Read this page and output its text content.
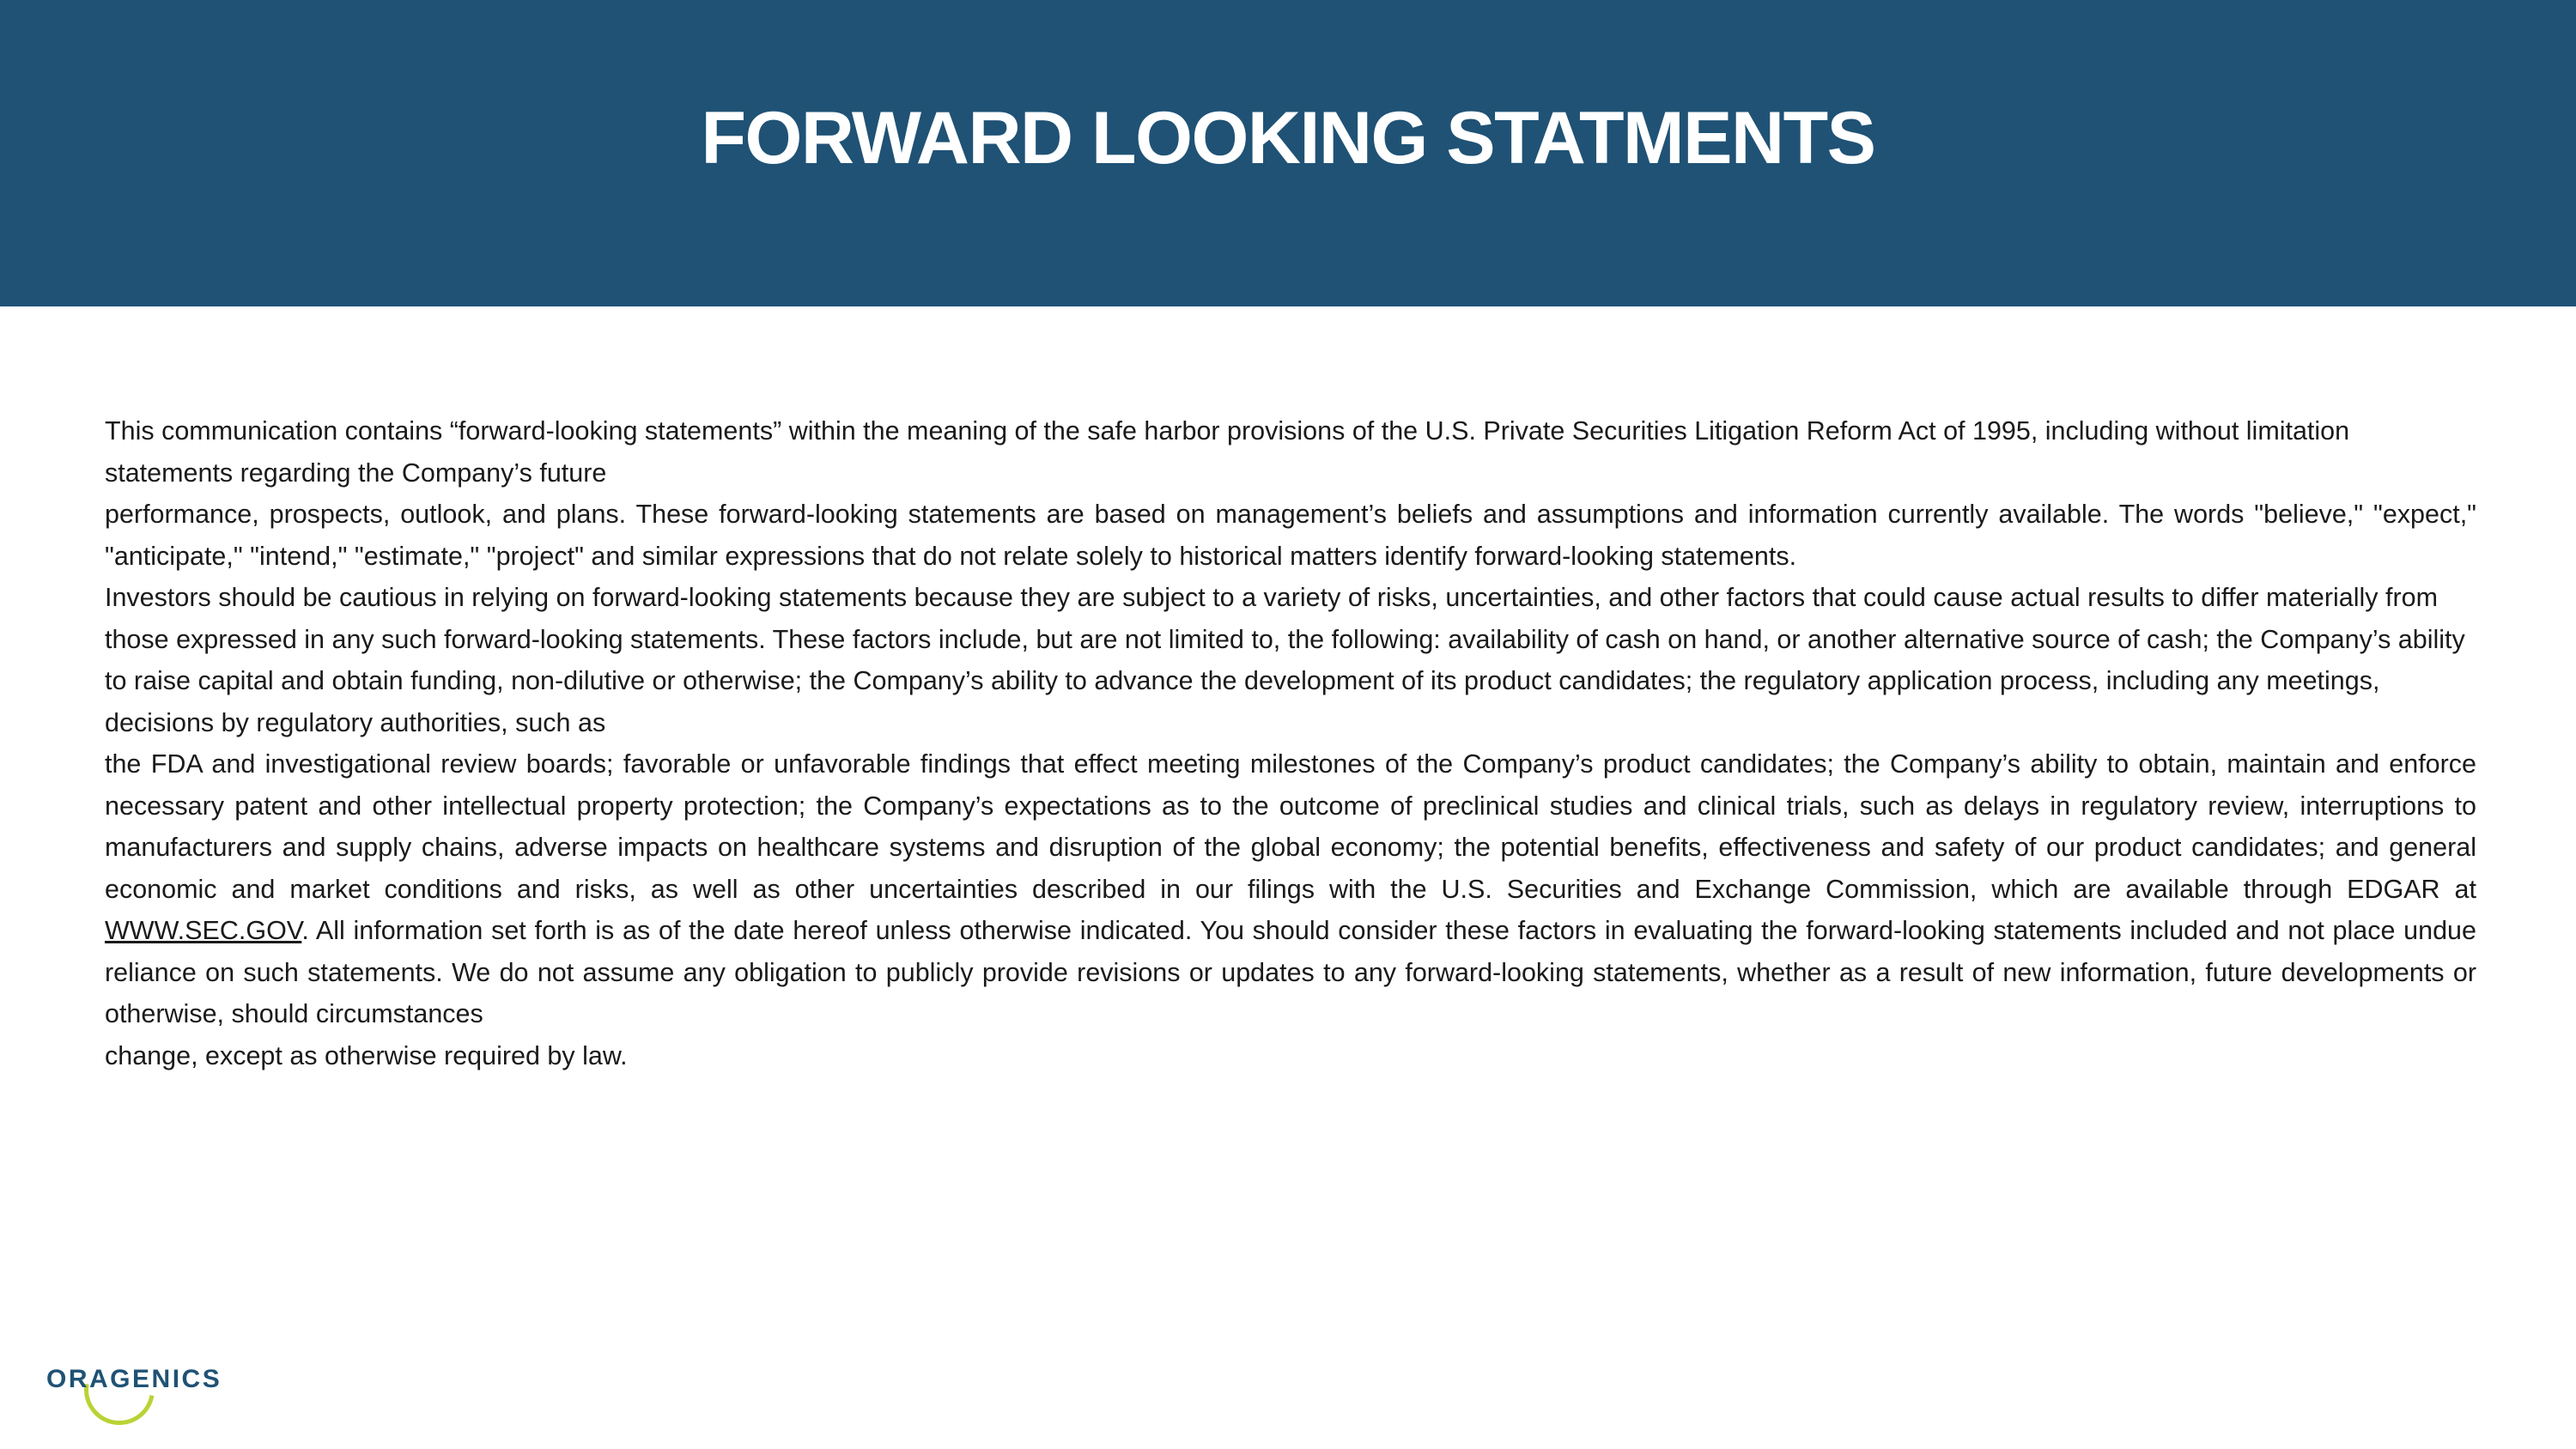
FORWARD LOOKING STATMENTS

This communication contains “forward-looking statements” within the meaning of the safe harbor provisions of the U.S. Private Securities Litigation Reform Act of 1995, including without limitation statements regarding the Company’s future

performance, prospects, outlook, and plans. These forward-looking statements are based on management’s beliefs and assumptions and information currently available. The words "believe," "expect," "anticipate," "intend," "estimate," "project" and similar expressions that do not relate solely to historical matters identify forward-looking statements.

Investors should be cautious in relying on forward-looking statements because they are subject to a variety of risks, uncertainties, and other factors that could cause actual results to differ materially from those expressed in any such forward-looking statements. These factors include, but are not limited to, the following: availability of cash on hand, or another alternative source of cash; the Company’s ability to raise capital and obtain funding, non-dilutive or otherwise; the Company’s ability to advance the development of its product candidates; the regulatory application process, including any meetings, decisions by regulatory authorities, such as

the FDA and investigational review boards; favorable or unfavorable findings that effect meeting milestones of the Company’s product candidates; the Company’s ability to obtain, maintain and enforce necessary patent and other intellectual property protection; the Company’s expectations as to the outcome of preclinical studies and clinical trials, such as delays in regulatory review, interruptions to manufacturers and supply chains, adverse impacts on healthcare systems and disruption of the global economy; the potential benefits, effectiveness and safety of our product candidates; and general economic and market conditions and risks, as well as other uncertainties described in our filings with the U.S. Securities and Exchange Commission, which are available through EDGAR at WWW.SEC.GOV. All information set forth is as of the date hereof unless otherwise indicated. You should consider these factors in evaluating the forward-looking statements included and not place undue reliance on such statements. We do not assume any obligation to publicly provide revisions or updates to any forward-looking statements, whether as a result of new information, future developments or otherwise, should circumstances

change, except as otherwise required by law.

ORAGENICS
